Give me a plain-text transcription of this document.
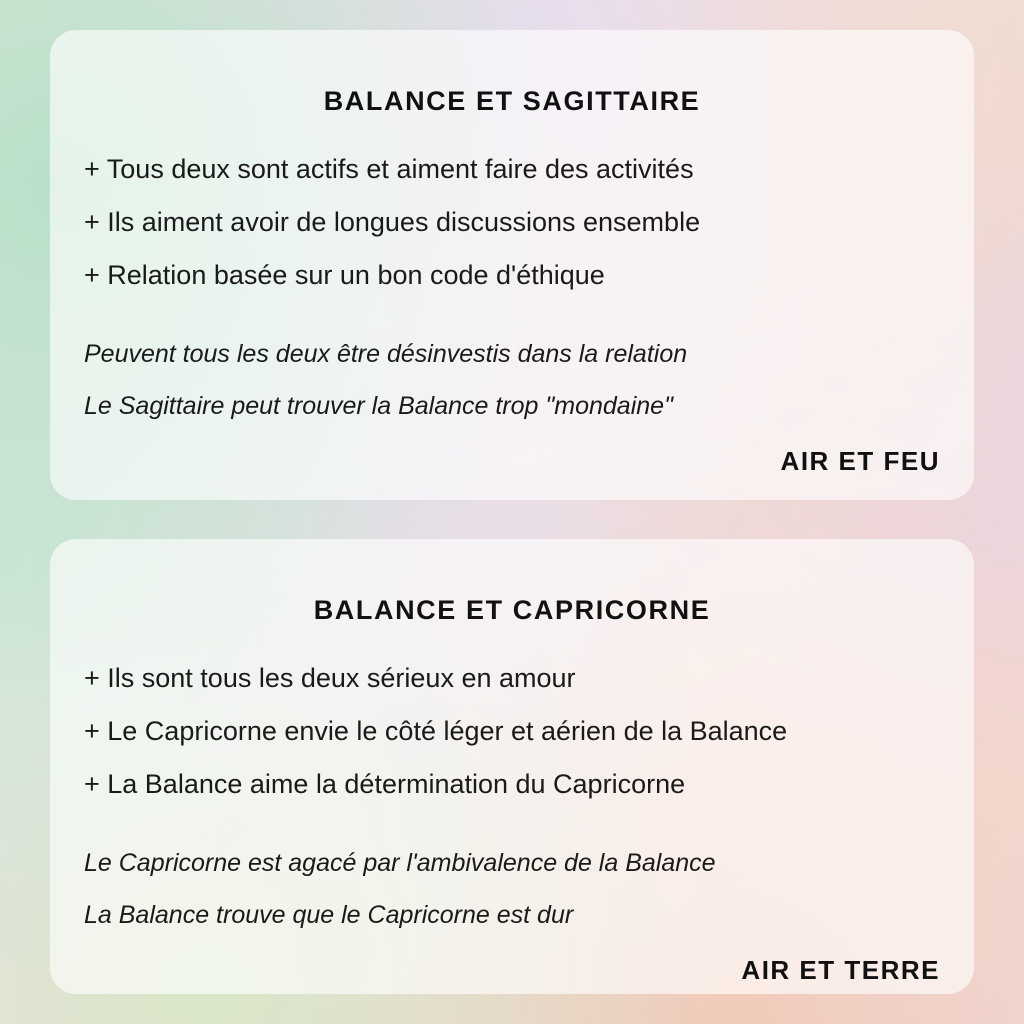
BALANCE ET SAGITTAIRE
+ Tous deux sont actifs et aiment faire des activités
+ Ils aiment avoir de longues discussions ensemble
+ Relation basée sur un bon code d'éthique
Peuvent tous les deux être désinvestis dans la relation
Le Sagittaire peut trouver la Balance trop "mondaine"
AIR ET FEU
BALANCE ET CAPRICORNE
+ Ils sont tous les deux sérieux en amour
+ Le Capricorne envie le côté léger et aérien de la Balance
+ La Balance aime la détermination du Capricorne
Le Capricorne est agacé par l'ambivalence de la Balance
La Balance trouve que le Capricorne est dur
AIR ET TERRE
